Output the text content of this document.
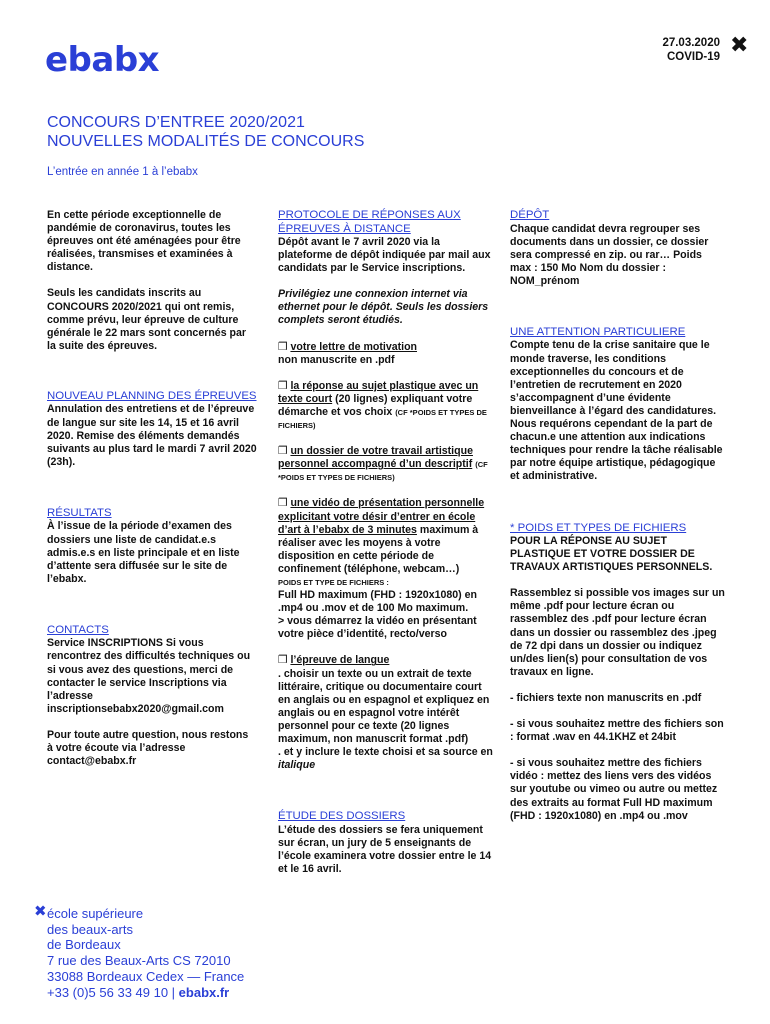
ebabx	27.03.2020
COVID-19 ✖
CONCOURS D’ENTREE 2020/2021
NOUVELLES MODALITÉS DE CONCOURS
L’entrée en année 1 à l’ebabx

En cette période exceptionnelle de pandémie de coronavirus, toutes les épreuves ont été aménagées pour être réalisées, transmises et examinées à distance.

Seuls les candidats inscrits au CONCOURS 2020/2021 qui ont remis, comme prévu, leur épreuve de culture générale le 22 mars sont concernés par la suite des épreuves.

NOUVEAU PLANNING DES ÉPREUVES

Annulation des entretiens et de l’épreuve de langue sur site les 14, 15 et 16 avril 2020. Remise des éléments demandés suivants au plus tard le mardi 7 avril 2020 (23h).

RÉSULTATS

À l’issue de la période d’examen des dossiers une liste de candidat.e.s admis.e.s en liste principale et en liste d’attente sera diffusée sur le site de l’ebabx.

CONTACTS

Service INSCRIPTIONS Si vous rencontrez des difficultés techniques ou si vous avez des questions, merci de contacter le service Inscriptions via l’adresse inscriptionsebabx2020@gmail.com

Pour toute autre question, nous restons à votre écoute via l’adresse contact@ebabx.fr

PROTOCOLE DE RÉPONSES AUX ÉPREUVES À DISTANCE

Dépôt avant le 7 avril 2020 via la plateforme de dépôt indiquée par mail aux candidats par le Service inscriptions.

Privilégiez une connexion internet via ethernet pour le dépôt. Seuls les dossiers complets seront étudiés.

❒ votre lettre de motivation
non manuscrite en .pdf

❒ la réponse au sujet plastique avec un texte court (20 lignes) expliquant votre démarche et vos choix (CF *POIDS ET TYPES DE FICHIERS)

❒ un dossier de votre travail artistique personnel accompagné d’un descriptif (CF *POIDS ET TYPES DE FICHIERS)

❒ une vidéo de présentation personnelle explicitant votre désir d’entrer en école d’art à l’ebabx de 3 minutes maximum à réaliser avec les moyens à votre disposition en cette période de confinement (téléphone, webcam…)
POIDS ET TYPE DE FICHIERS :
Full HD maximum (FHD : 1920x1080) en .mp4 ou .mov et de 100 Mo maximum.
> vous démarrez la vidéo en présentant votre pièce d’identité, recto/verso

❒ l’épreuve de langue
. choisir un texte ou un extrait de texte littéraire, critique ou documentaire court en anglais ou en espagnol et expliquez en anglais ou en espagnol votre intérêt personnel pour ce texte (20 lignes maximum, non manuscrit format .pdf)
. et y inclure le texte choisi et sa source en italique

ÉTUDE DES DOSSIERS

L’étude des dossiers se fera uniquement sur écran, un jury de 5 enseignants de l’école examinera votre dossier entre le 14 et le 16 avril.

DÉPÔT

Chaque candidat devra regrouper ses documents dans un dossier, ce dossier sera compressé en zip. ou rar… Poids max : 150 Mo Nom du dossier : NOM_prénom

UNE ATTENTION PARTICULIERE

Compte tenu de la crise sanitaire que le monde traverse, les conditions exceptionnelles du concours et de l’entretien de recrutement en 2020 s’accompagnent d’une évidente bienveillance à l’égard des candidatures. Nous requérons cependant de la part de chacun.e une attention aux indications techniques pour rendre la tâche réalisable par notre équipe artistique, pédagogique et administrative.

* POIDS ET TYPES DE FICHIERS

POUR LA RÉPONSE AU SUJET PLASTIQUE ET VOTRE DOSSIER DE TRAVAUX ARTISTIQUES PERSONNELS.

Rassemblez si possible vos images sur un même .pdf pour lecture écran ou rassemblez des .pdf pour lecture écran dans un dossier ou rassemblez des .jpeg de 72 dpi dans un dossier ou indiquez un/des lien(s) pour consultation de vos travaux en ligne.

- fichiers texte non manuscrits en .pdf

- si vous souhaitez mettre des fichiers son : format .wav en 44.1KHZ et 24bit

- si vous souhaitez mettre des fichiers vidéo : mettez des liens vers des vidéos sur youtube ou vimeo ou autre ou mettez des extraits au format Full HD maximum (FHD : 1920x1080) en .mp4 ou .mov

✖ école supérieure
des beaux-arts
de Bordeaux
7 rue des Beaux-Arts CS 72010
33088 Bordeaux Cedex — France
+33 (0)5 56 33 49 10 | ebabx.fr
